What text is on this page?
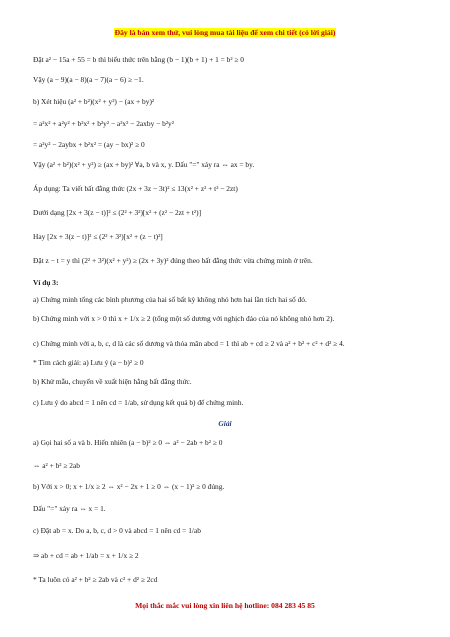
Đây là bản xem thử, vui lòng mua tài liệu để xem chi tiết (có lời giải)
Đặt a² − 15a + 55 = b thì biểu thức trên bằng (b − 1)(b + 1) + 1 = b² ≥ 0
Vậy (a − 9)(a − 8)(a − 7)(a − 6) ≥ −1.
b) Xét hiệu (a² + b²)(x² + y²) − (ax + by)²
= a²x² + a²y² + b²x² + b²y² − a²x² − 2axby − b²y²
= a²y² − 2aybx + b²x² = (ay − bx)² ≥ 0
Vậy (a² + b²)(x² + y²) ≥ (ax + by)² ∀a, b và x, y. Dấu "=" xảy ra ⇔ ax = by.
Áp dụng: Ta viết bất đẳng thức (2x + 3z − 3t)² ≤ 13(x² + z² + t² − 2zt)
Dưới dạng [2x + 3(z − t)]² ≤ (2² + 3²)[x² + (z² − 2zt + t²)]
Hay [2x + 3(z − t)]² ≤ (2² + 3²)[x² + (z − t)²]
Đặt z − t = y thì (2² + 3²)(x² + y²) ≥ (2x + 3y)² đúng theo bất đẳng thức vừa chứng minh ở trên.
Ví dụ 3:
a) Chứng minh tổng các bình phương của hai số bất kỳ không nhỏ hơn hai lần tích hai số đó.
b) Chứng minh với x > 0 thì x + 1/x ≥ 2 (tổng một số dương với nghịch đảo của nó không nhỏ hơn 2).
c) Chứng minh với a, b, c, d là các số dương và thỏa mãn abcd = 1 thì ab + cd ≥ 2 và a² + b² + c² + d² ≥ 4.
* Tìm cách giải: a) Lưu ý (a − b)² ≥ 0
b) Khử mẫu, chuyển về xuất hiện hằng bất đẳng thức.
c) Lưu ý do abcd = 1 nên cd = 1/ab, sử dụng kết quả b) để chứng minh.
Giải
a) Gọi hai số a và b. Hiển nhiên (a − b)² ≥ 0 ⇔ a² − 2ab + b² ≥ 0
⇔ a² + b² ≥ 2ab
b) Với x > 0; x + 1/x ≥ 2 ⇔ x² − 2x + 1 ≥ 0 ⇔ (x − 1)² ≥ 0 đúng.
Dấu "=" xảy ra ⇔ x = 1.
c) Đặt ab = x. Do a, b, c, d > 0 và abcd = 1 nên cd = 1/ab
⇒ ab + cd = ab + 1/ab = x + 1/x ≥ 2
* Ta luôn có a² + b² ≥ 2ab và c² + d² ≥ 2cd
Mọi thắc mắc vui lòng xin liên hệ hotline: 084 283 45 85
